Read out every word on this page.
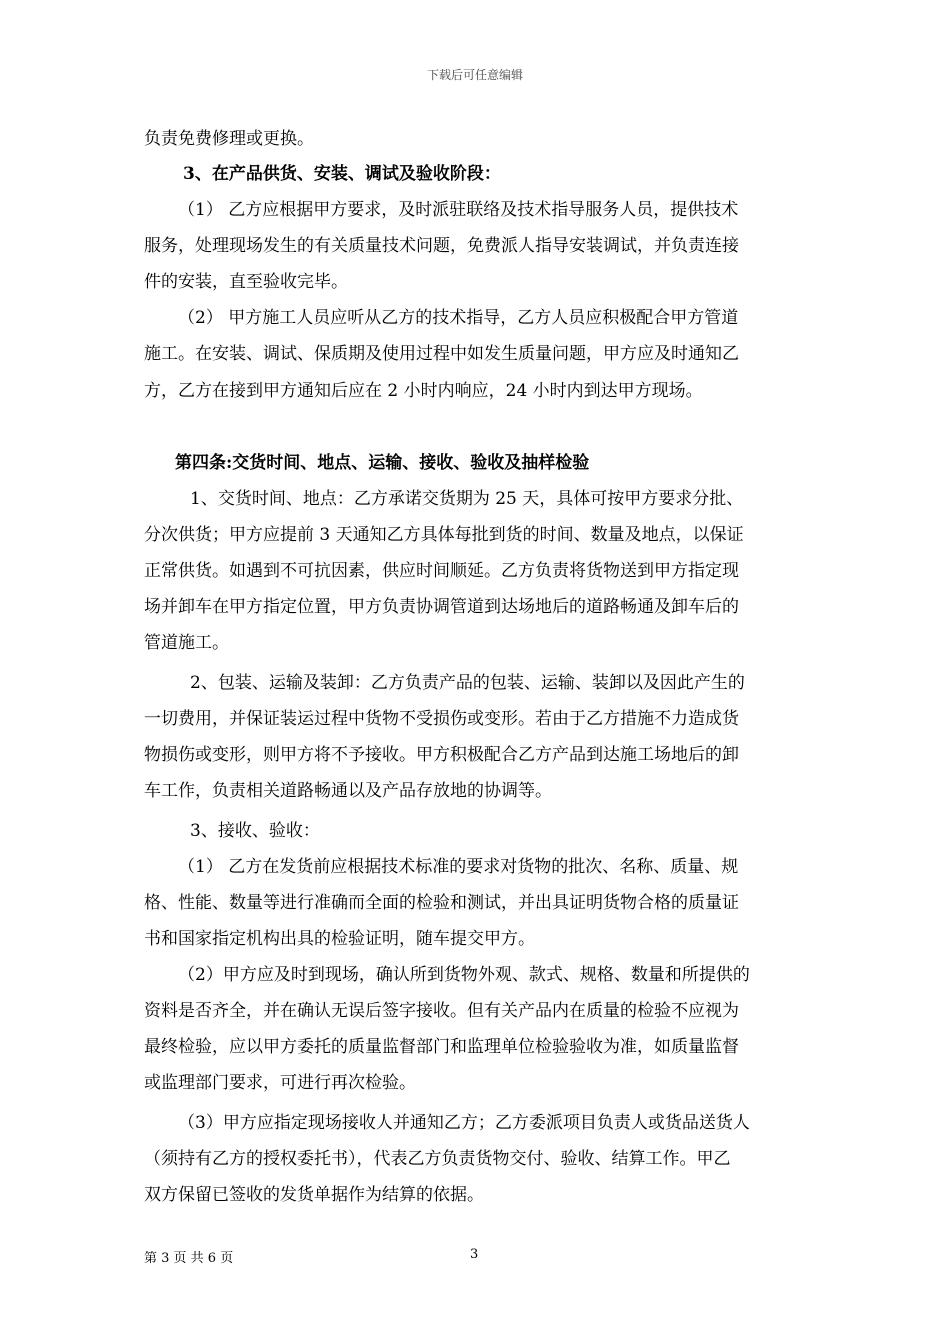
下载后可任意编辑
负责免费修理或更换。
3、在产品供货、安装、调试及验收阶段：
（1） 乙方应根据甲方要求，及时派驻联络及技术指导服务人员，提供技术
服务，处理现场发生的有关质量技术问题，免费派人指导安装调试，并负责连接
件的安装，直至验收完毕。
（2） 甲方施工人员应听从乙方的技术指导，乙方人员应积极配合甲方管道
施工。在安装、调试、保质期及使用过程中如发生质量问题，甲方应及时通知乙
方，乙方在接到甲方通知后应在 2 小时内响应，24 小时内到达甲方现场。
第四条:交货时间、地点、运输、接收、验收及抽样检验
1、交货时间、地点：乙方承诺交货期为 25 天，具体可按甲方要求分批、
分次供货；甲方应提前 3 天通知乙方具体每批到货的时间、数量及地点，以保证
正常供货。如遇到不可抗因素，供应时间顺延。乙方负责将货物送到甲方指定现
场并卸车在甲方指定位置，甲方负责协调管道到达场地后的道路畅通及卸车后的
管道施工。
2、包装、运输及装卸：乙方负责产品的包装、运输、装卸以及因此产生的
一切费用，并保证装运过程中货物不受损伤或变形。若由于乙方措施不力造成货
物损伤或变形，则甲方将不予接收。甲方积极配合乙方产品到达施工场地后的卸
车工作，负责相关道路畅通以及产品存放地的协调等。
3、接收、验收：
（1） 乙方在发货前应根据技术标准的要求对货物的批次、名称、质量、规
格、性能、数量等进行准确而全面的检验和测试，并出具证明货物合格的质量证
书和国家指定机构出具的检验证明，随车提交甲方。
（2）甲方应及时到现场，确认所到货物外观、款式、规格、数量和所提供的
资料是否齐全，并在确认无误后签字接收。但有关产品内在质量的检验不应视为
最终检验，应以甲方委托的质量监督部门和监理单位检验验收为准，如质量监督
或监理部门要求，可进行再次检验。
（3）甲方应指定现场接收人并通知乙方；乙方委派项目负责人或货品送货人
（须持有乙方的授权委托书），代表乙方负责货物交付、验收、结算工作。甲乙
双方保留已签收的发货单据作为结算的依据。
第 3 页 共 6 页	3
